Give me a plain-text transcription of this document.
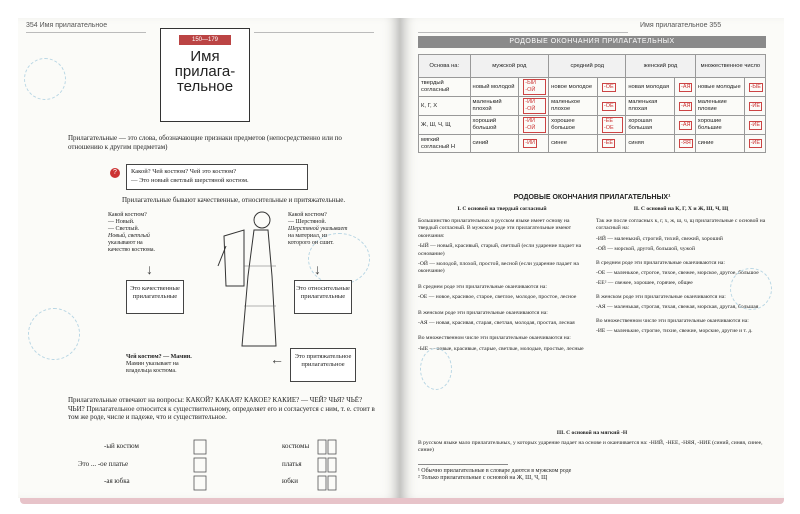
354 Имя прилагательное
150—179
Имя прилага-тельное
Прилагательные — это слова, обозначающие признаки предметов (непосредственно или по отношению к другим предметам)
Какой? Чей костюм? Чей это костюм?
— Это новый светлый шерстяной костюм.
?
Прилагательные бывают качественные, относительные и притяжательные.
Какой костюм?
— Новый.
— Светлый.
Новый, светлый
указывают на
качество костюма.
Какой костюм?
— Шерстяной.
Шерстяной указывает
на материал, из
которого он сшит.
Это качественные прилагательные
Это относительные прилагательные
↓	↓
Это притяжательное прилагательное
←
Чей костюм? — Мамин.
Мамин указывает на
владельца костюма.
Прилагательные отвечают на вопросы: КАКОЙ? КАКАЯ? КАКОЕ? КАКИЕ? — ЧЕЙ? ЧЬЯ? ЧЬЁ? ЧЬИ? Прилагательное относится к существительному, определяет его и согласуется с ним, т. е. стоит в том же роде, числе и падеже, что и существительное.
-ый костюм
Это ... -ое платье
-ая юбка
костюмы
платья
юбки
Имя прилагательное 355
РОДОВЫЕ ОКОНЧАНИЯ ПРИЛАГАТЕЛЬНЫХ
Основа на:	мужской род		средний род		женский род		множественное число	
твердый согласный	новый молодой	-ЫЙ -ОЙ	новое молодое	-ОЕ	новая молодая	-АЯ	новые молодые	-ЫЕ
К, Г, Х	маленький плохой	-ИЙ -ОЙ	маленькое плохое	-ОЕ	маленькая плохая	-АЯ	маленькие плохие	-ИЕ
Ж, Ш, Ч, Щ	хороший большой	-ИЙ -ОЙ	хорошее большое	-ЕЕ -ОЕ	хорошая большая	-АЯ	хорошие большие	-ИЕ
мягкий согласный Н	синий	-ИЙ	синее	-ЕЕ	синяя	-ЯЯ	синие	-ИЕ
РОДОВЫЕ ОКОНЧАНИЯ ПРИЛАГАТЕЛЬНЫХ¹
I. С основой на твердый согласный	II. С основой на К, Г, Х и Ж, Ш, Ч, Щ
Большинство прилагательных в русском языке имеет основу на твердый согласный. В мужском роде эти прилагательные имеют окончания:
-ЫЙ — новый, красивый, старый, светлый (если ударение падает на основание)
-ОЙ — молодой, плохой, простой, весной (если ударение падает на окончание)
В среднем роде эти прилагательные оканчиваются на:
-ОЕ — новое, красивое, старое, светлое, молодое, простое, лесное
В женском роде эти прилагательные оканчиваются на:
-АЯ — новая, красивая, старая, светлая, молодая, простая, лесная
Во множественном числе эти прилагательные оканчиваются на:
-ЫЕ — новые, красивые, старые, светлые, молодые, простые, лесные
Так же после согласных к, г, х, ж, ш, ч, щ прилагательные с основой на согласный на:
-ИЙ — маленький, строгий, тихий, свежий, хороший
-ОЙ — морской, другой, большой, чужой
В среднем роде эти прилагательные оканчиваются на:
-ОЕ — маленькое, строгое, тихое, свежее, морское, другое, большое
-ЕЕ² — свежее, хорошее, горячее, общее
В женском роде эти прилагательные оканчиваются на:
-АЯ — маленькая, строгая, тихая, свежая, морская, другая, большая
Во множественном числе эти прилагательные оканчиваются на:
-ИЕ — маленькие, строгие, тихие, свежие, морские, другие и т. д.
III. С основой на мягкий -Н
В русском языке мало прилагательных, у которых ударение падает на основе и оканчивается на: -НИЙ, -НЕЕ, -НЯЯ, -НИЕ (синий, синяя, синее, синие)
¹ Обычно прилагательные в словаре даются в мужском роде
² Только прилагательные с основой на Ж, Ш, Ч, Щ
